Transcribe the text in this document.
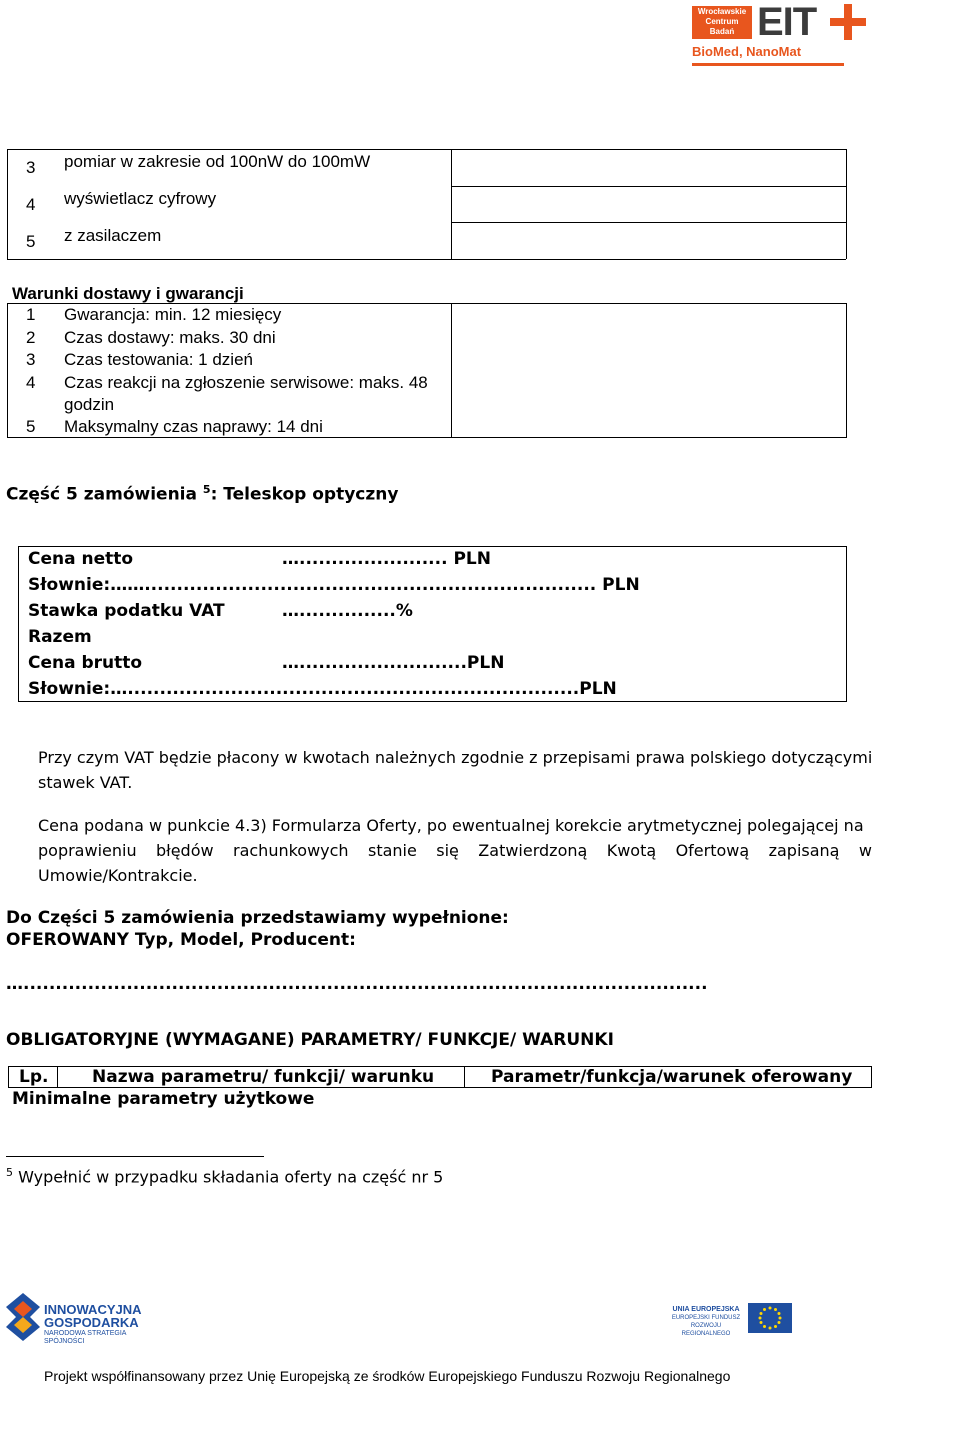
Wrocławskie
Centrum
Badań EIT
BioMed, NanoMat
3 pomiar w zakresie od 100nW do 100mW
4 wyświetlacz cyfrowy
5 z zasilaczem
Warunki dostawy i gwarancji
1 Gwarancja: min. 12 miesięcy
2 Czas dostawy: maks. 30 dni
3 Czas testowania: 1 dzień
4 Czas reakcji na zgłoszenie serwisowe: maks. 48
godzin
5 Maksymalny czas naprawy: 14 dni
Część 5 zamówienia $^5$: Teleskop optyczny
Cena netto	…....................... PLN
Słownie:……...................................................................... PLN
Stawka podatku VAT	…...............%
Razem
Cena brutto	…..........................PLN
Słownie:…......................................................................PLN
Przy czym VAT będzie płacony w kwotach należnych zgodnie z przepisami prawa polskiego dotyczącymi
stawek VAT.
Cena podana w punkcie 4.3) Formularza Oferty, po ewentualnej korekcie arytmetycznej polegającej na
poprawieniu błędów rachunkowych stanie się Zatwierdzoną Kwotą Ofertową zapisaną w
Umowie/Kontrakcie.
Do Części 5 zamówienia przedstawiamy wypełnione:
OFEROWANY Typ, Model, Producent:
…..........................................................................................................
OBLIGATORYJNE (WYMAGANE) PARAMETRY/ FUNKCJE/ WARUNKI
Lp.	Nazwa parametru/ funkcji/ warunku	Parametr/funkcja/warunek oferowany
Minimalne parametry użytkowe
$^5$ Wypełnić w przypadku składania oferty na część nr 5
INNOWACYJNA
GOSPODARKA
NARODOWA STRATEGIA SPÓJNOŚCI
UNIA EUROPEJSKA
EUROPEJSKI FUNDUSZ
ROZWOJU REGIONALNEGO
Projekt współfinansowany przez Unię Europejską ze środków Europejskiego Funduszu Rozwoju Regionalnego
